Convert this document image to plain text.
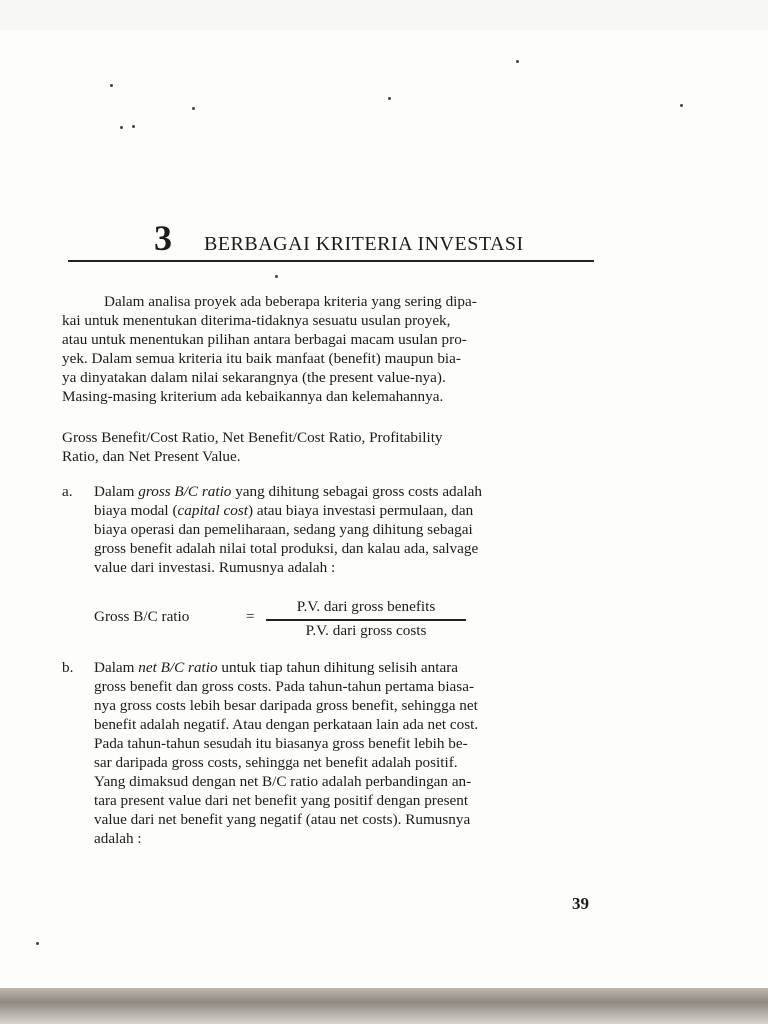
3 BERBAGAI KRITERIA INVESTASI
Dalam analisa proyek ada beberapa kriteria yang sering dipa-
kai untuk menentukan diterima-tidaknya sesuatu usulan proyek,
atau untuk menentukan pilihan antara berbagai macam usulan pro-
yek. Dalam semua kriteria itu baik manfaat (benefit) maupun bia-
ya dinyatakan dalam nilai sekarangnya (the present value-nya).
Masing-masing kriterium ada kebaikannya dan kelemahannya.
Gross Benefit/Cost Ratio, Net Benefit/Cost Ratio, Profitability
Ratio, dan Net Present Value.
a. Dalam gross B/C ratio yang dihitung sebagai gross costs adalah
biaya modal (capital cost) atau biaya investasi permulaan, dan
biaya operasi dan pemeliharaan, sedang yang dihitung sebagai
gross benefit adalah nilai total produksi, dan kalau ada, salvage
value dari investasi. Rumusnya adalah :
Gross B/C ratio	=
P.V. dari gross benefits
P.V. dari gross costs
b. Dalam net B/C ratio untuk tiap tahun dihitung selisih antara
gross benefit dan gross costs. Pada tahun-tahun pertama biasa-
nya gross costs lebih besar daripada gross benefit, sehingga net
benefit adalah negatif. Atau dengan perkataan lain ada net cost.
Pada tahun-tahun sesudah itu biasanya gross benefit lebih be-
sar daripada gross costs, sehingga net benefit adalah positif.
Yang dimaksud dengan net B/C ratio adalah perbandingan an-
tara present value dari net benefit yang positif dengan present
value dari net benefit yang negatif (atau net costs). Rumusnya
adalah :
39
